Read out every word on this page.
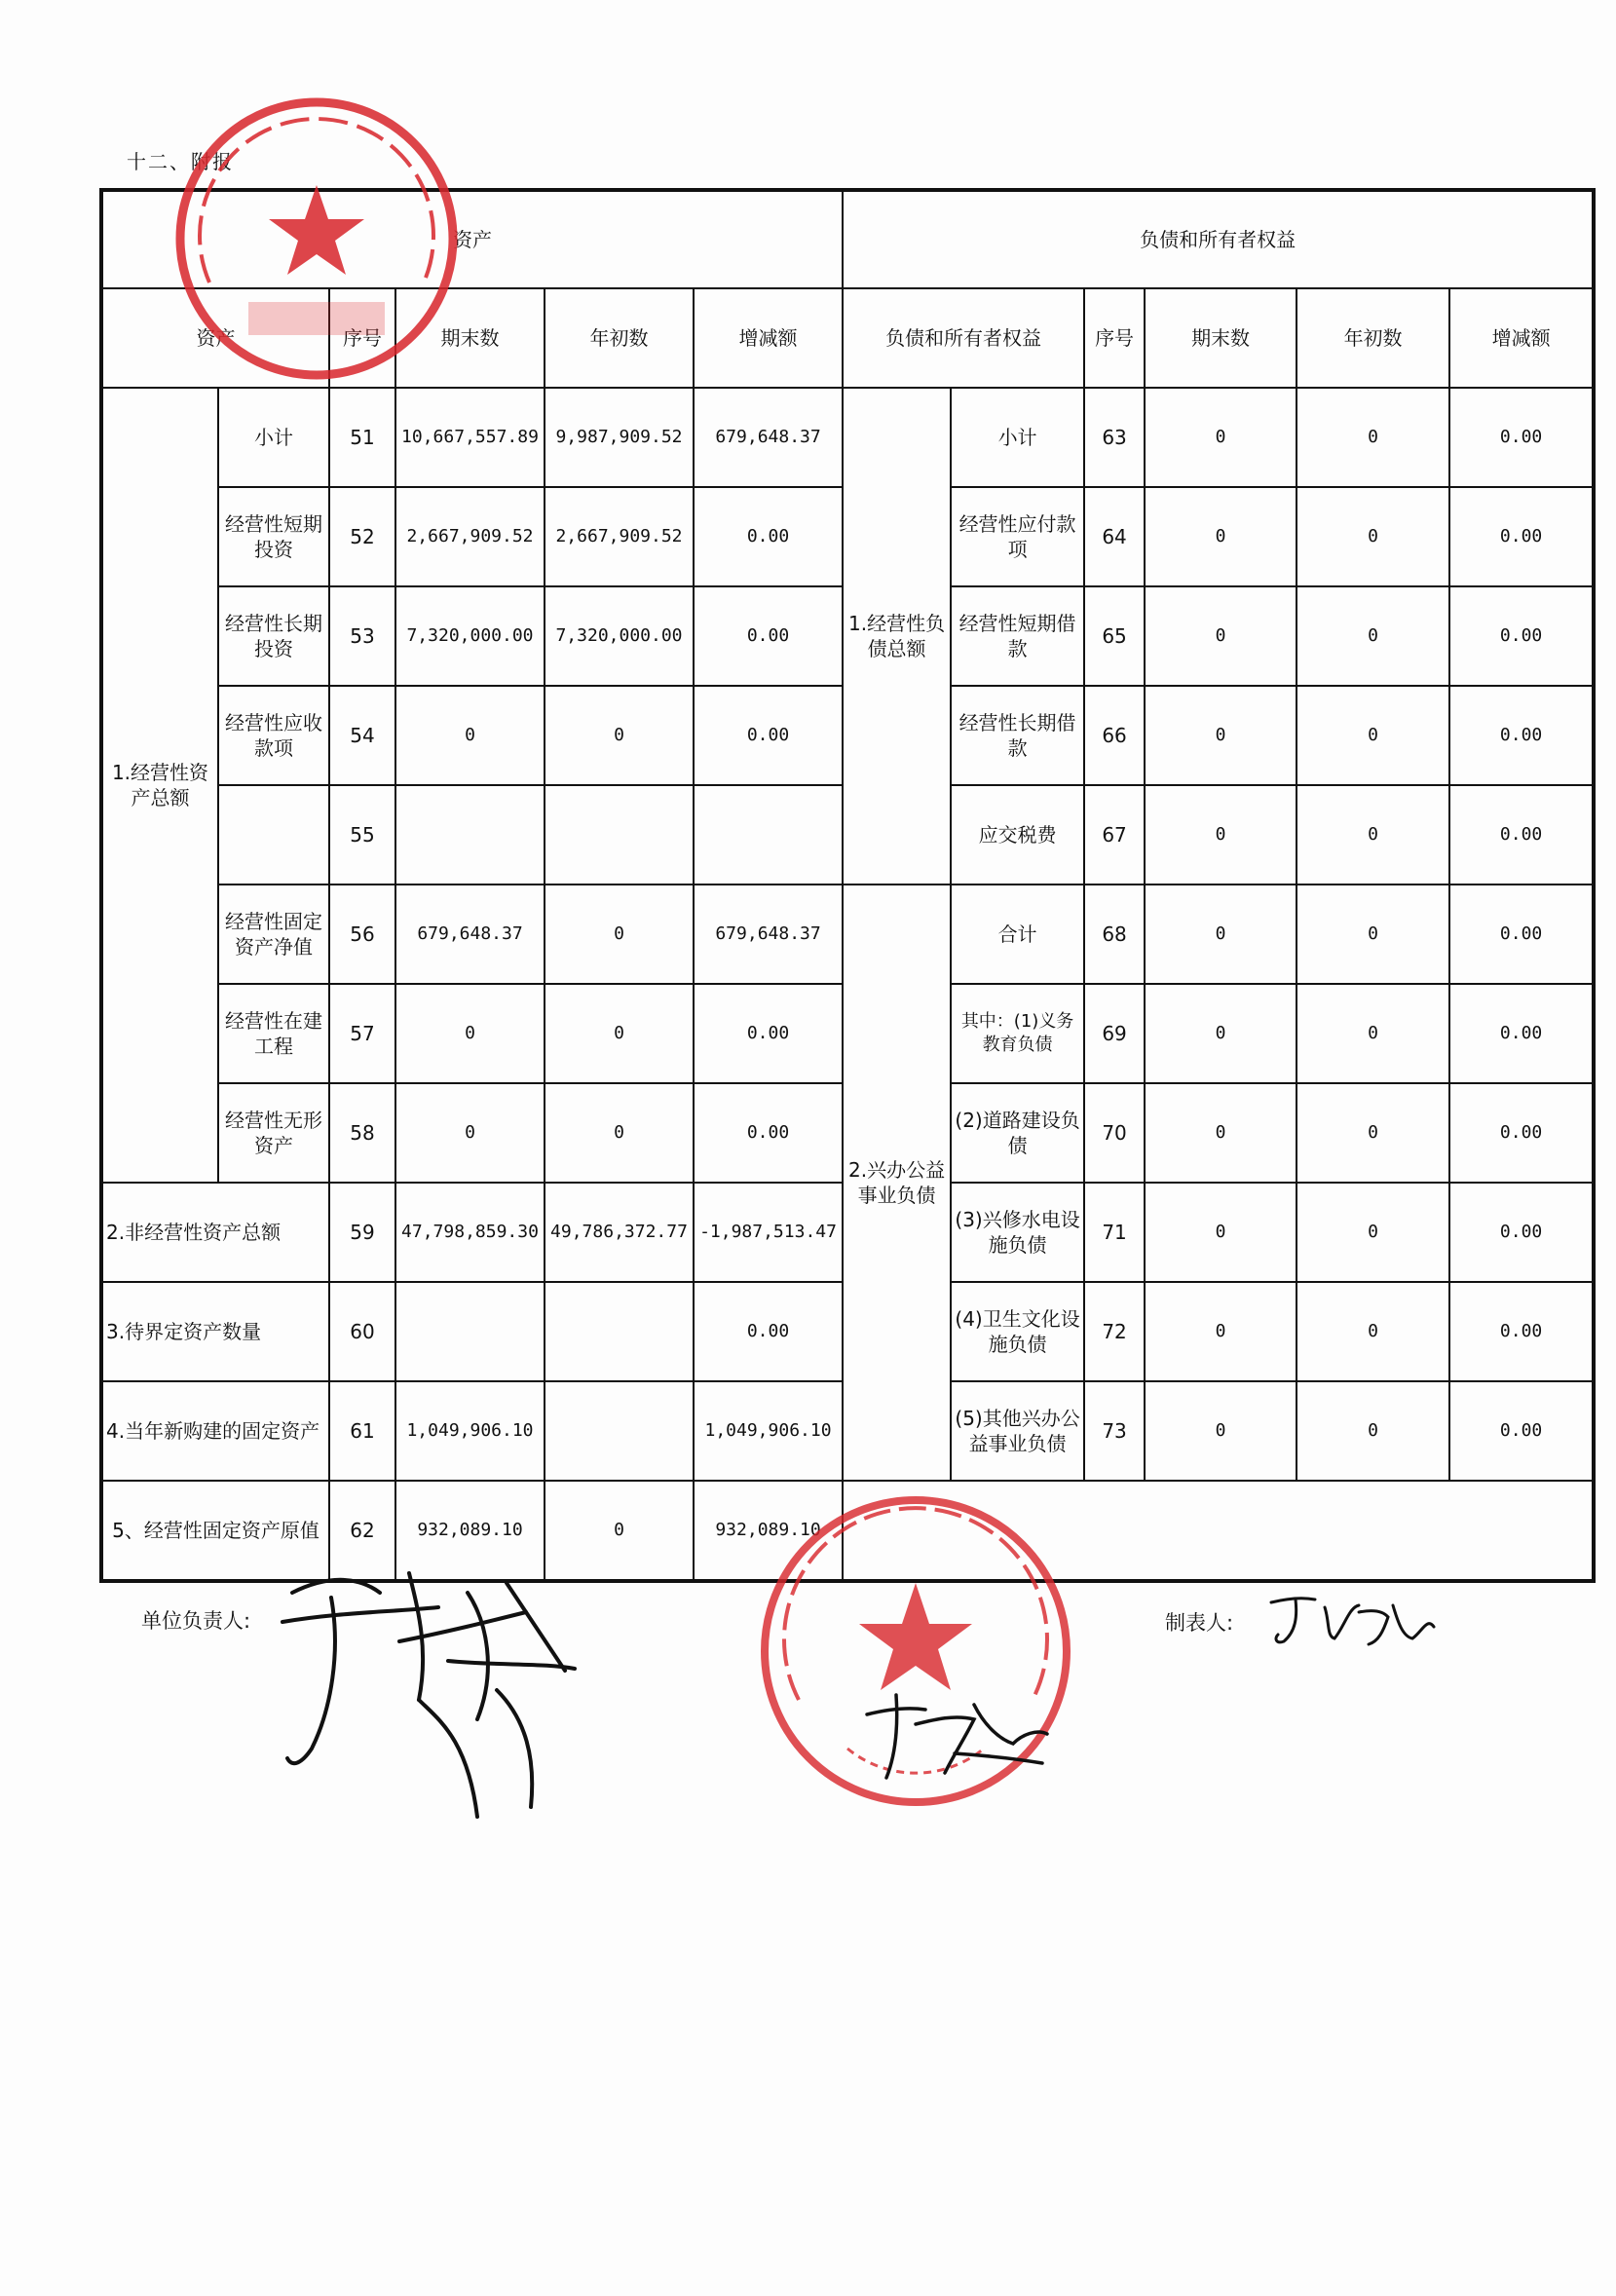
十二、附报
资产						负债和所有者权益					
资产		序号	期末数	年初数	增减额	负债和所有者权益		序号	期末数	年初数	增减额
1.经营性资产总额	小计	51	10,667,557.89	9,987,909.52	679,648.37	1.经营性负债总额	小计	63	0	0	0.00
	经营性短期投资	52	2,667,909.52	2,667,909.52	0.00		经营性应付款项	64	0	0	0.00
	经营性长期投资	53	7,320,000.00	7,320,000.00	0.00		经营性短期借款	65	0	0	0.00
	经营性应收款项	54	0	0	0.00		经营性长期借款	66	0	0	0.00
		55					应交税费	67	0	0	0.00
	经营性固定资产净值	56	679,648.37	0	679,648.37	2.兴办公益事业负债	合计	68	0	0	0.00
	经营性在建工程	57	0	0	0.00		其中：(1)义务教育负债	69	0	0	0.00
	经营性无形资产	58	0	0	0.00		(2)道路建设负债	70	0	0	0.00
2.非经营性资产总额		59	47,798,859.30	49,786,372.77	-1,987,513.47		(3)兴修水电设施负债	71	0	0	0.00
3.待界定资产数量		60			0.00		(4)卫生文化设施负债	72	0	0	0.00
4.当年新购建的固定资产		61	1,049,906.10		1,049,906.10		(5)其他兴办公益事业负债	73	0	0	0.00
5、经营性固定资产原值		62	932,089.10	0	932,089.10						
单位负责人:	制表人:
